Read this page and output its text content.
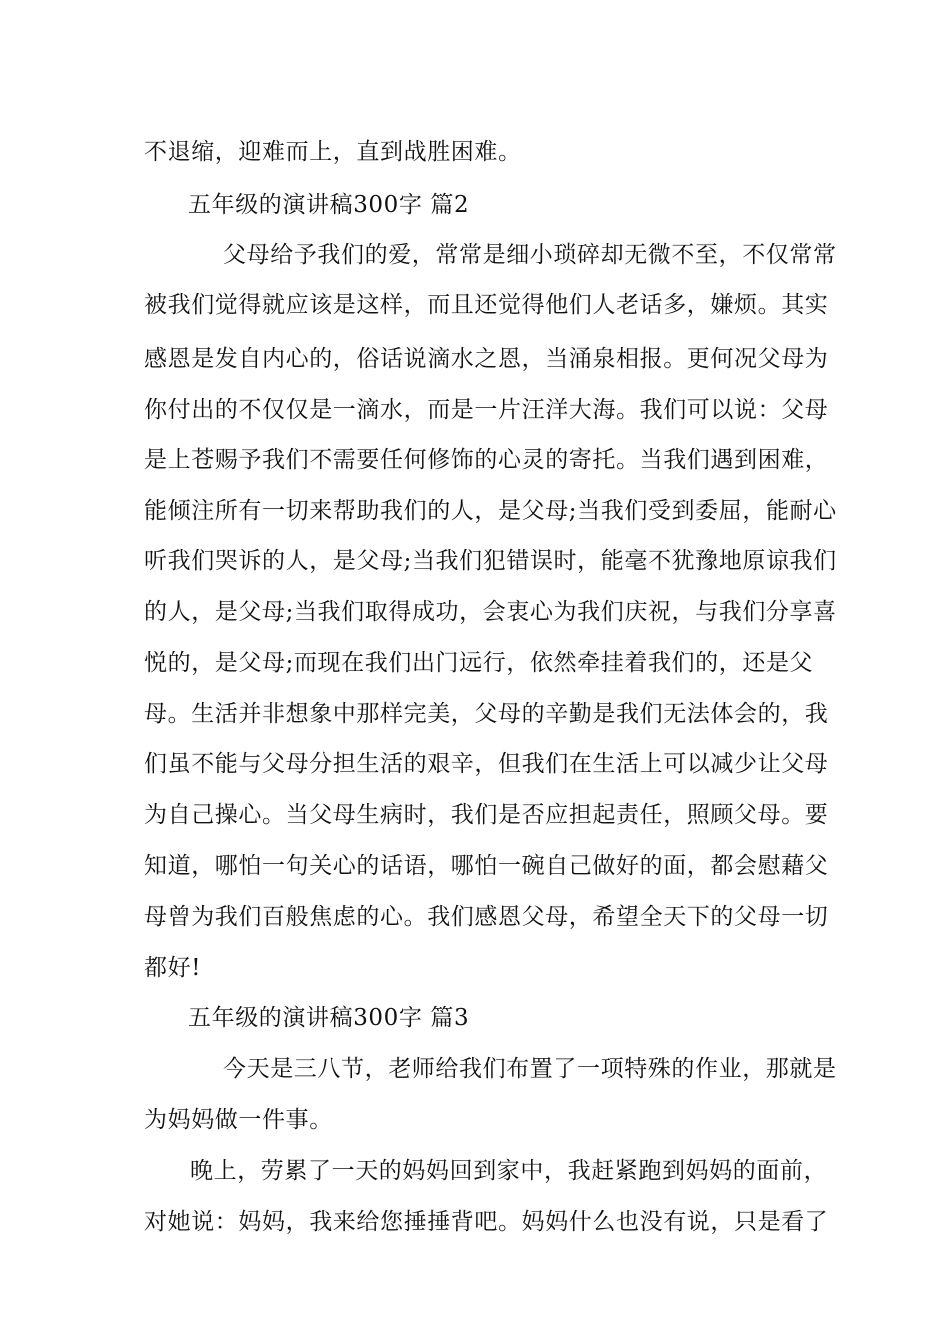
不退缩，迎难而上，直到战胜困难。
五年级的演讲稿300字 篇2
父母给予我们的爱，常常是细小琐碎却无微不至，不仅常常
被我们觉得就应该是这样，而且还觉得他们人老话多，嫌烦。其实
感恩是发自内心的，俗话说滴水之恩，当涌泉相报。更何况父母为
你付出的不仅仅是一滴水，而是一片汪洋大海。我们可以说：父母
是上苍赐予我们不需要任何修饰的心灵的寄托。当我们遇到困难，
能倾注所有一切来帮助我们的人，是父母;当我们受到委屈，能耐心
听我们哭诉的人，是父母;当我们犯错误时，能毫不犹豫地原谅我们
的人，是父母;当我们取得成功，会衷心为我们庆祝，与我们分享喜
悦的，是父母;而现在我们出门远行，依然牵挂着我们的，还是父
母。生活并非想象中那样完美，父母的辛勤是我们无法体会的，我
们虽不能与父母分担生活的艰辛，但我们在生活上可以减少让父母
为自己操心。当父母生病时，我们是否应担起责任，照顾父母。要
知道，哪怕一句关心的话语，哪怕一碗自己做好的面，都会慰藉父
母曾为我们百般焦虑的心。我们感恩父母，希望全天下的父母一切
都好!
五年级的演讲稿300字 篇3
今天是三八节，老师给我们布置了一项特殊的作业，那就是
为妈妈做一件事。
晚上，劳累了一天的妈妈回到家中，我赶紧跑到妈妈的面前，
对她说：妈妈，我来给您捶捶背吧。妈妈什么也没有说，只是看了
